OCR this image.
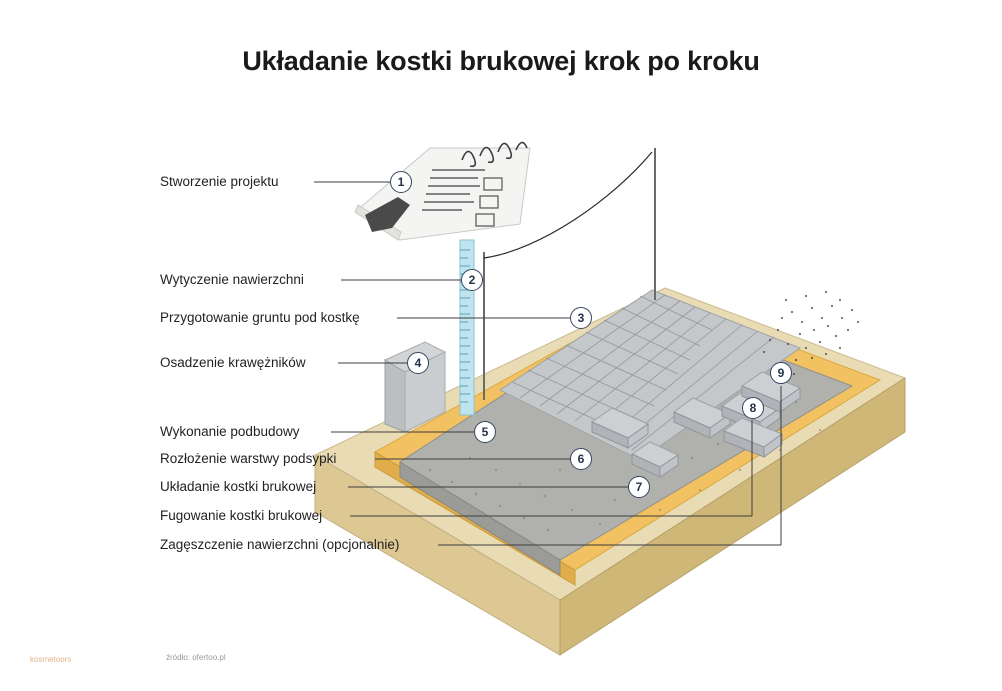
Układanie kostki brukowej krok po kroku
Stworzenie projektu
Wytyczenie nawierzchni
Przygotowanie gruntu pod kostkę
Osadzenie krawężników
Wykonanie podbudowy
Rozłożenie warstwy podsypki
Układanie kostki brukowej
Fugowanie kostki brukowej
Zagęszczenie nawierzchni (opcjonalnie)
1
2
3
4
5
6
7
8
9
źródło: ofertoo.pl
kosmetoors
